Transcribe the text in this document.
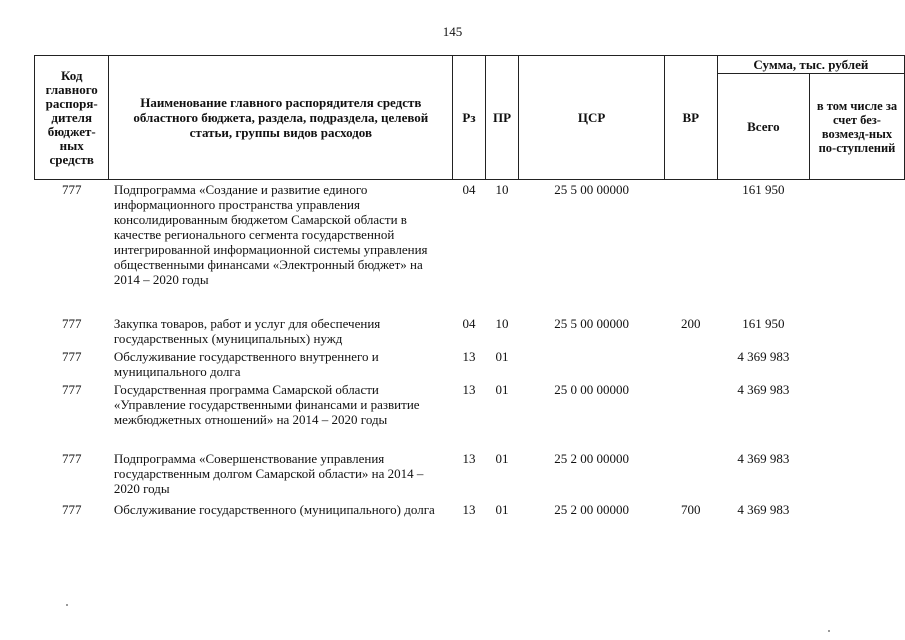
145
Код главного распоря-дителя бюджет-ных средств	Наименование главного распорядителя средств областного бюджета, раздела, подраздела, целевой статьи, группы видов расходов	Рз	ПР	ЦСР	ВР	Сумма, тыс. рублей	
						Всего	в том числе за счет без-возмезд-ных по-ступлений
777	Подпрограмма «Создание и развитие единого информационного пространства управления консолидированным бюджетом Самарской области в качестве регионального сегмента государственной интегрированной информационной системы управления общественными финансами «Электронный бюджет» на 2014 – 2020 годы	04	10	25 5 00 00000		161 950	
777	Закупка товаров, работ и услуг для обеспечения государственных (муниципальных) нужд	04	10	25 5 00 00000	200	161 950	
777	Обслуживание государственного внутреннего и муниципального долга	13	01			4 369 983	
777	Государственная программа Самарской области «Управление государственными финансами и развитие межбюджетных отношений» на 2014 – 2020 годы	13	01	25 0 00 00000		4 369 983	
777	Подпрограмма «Совершенствование управления государственным долгом Самарской области» на 2014 – 2020 годы	13	01	25 2 00 00000		4 369 983	
777	Обслуживание государственного (муниципального) долга	13	01	25 2 00 00000	700	4 369 983	
